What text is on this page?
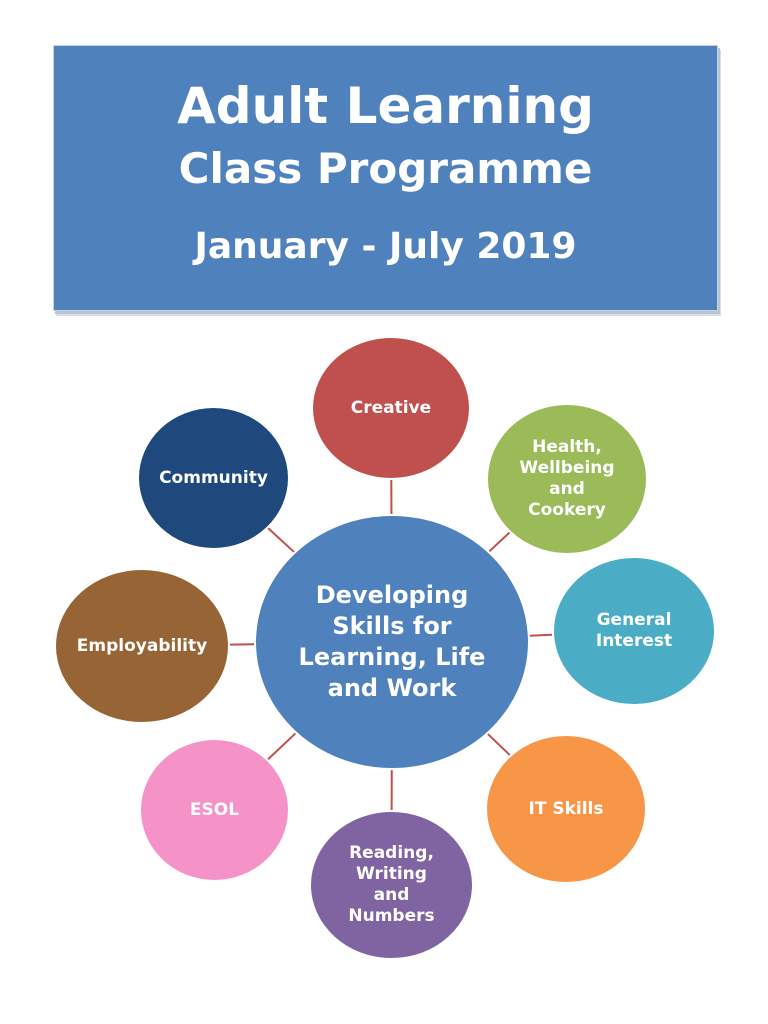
Adult Learning
Class Programme
January - July 2019
Developing
Skills for
Learning, Life
and Work
Creative
Health,
Wellbeing
and
Cookery
General
Interest
IT Skills
Reading,
Writing
and
Numbers
ESOL
Employability
Community
